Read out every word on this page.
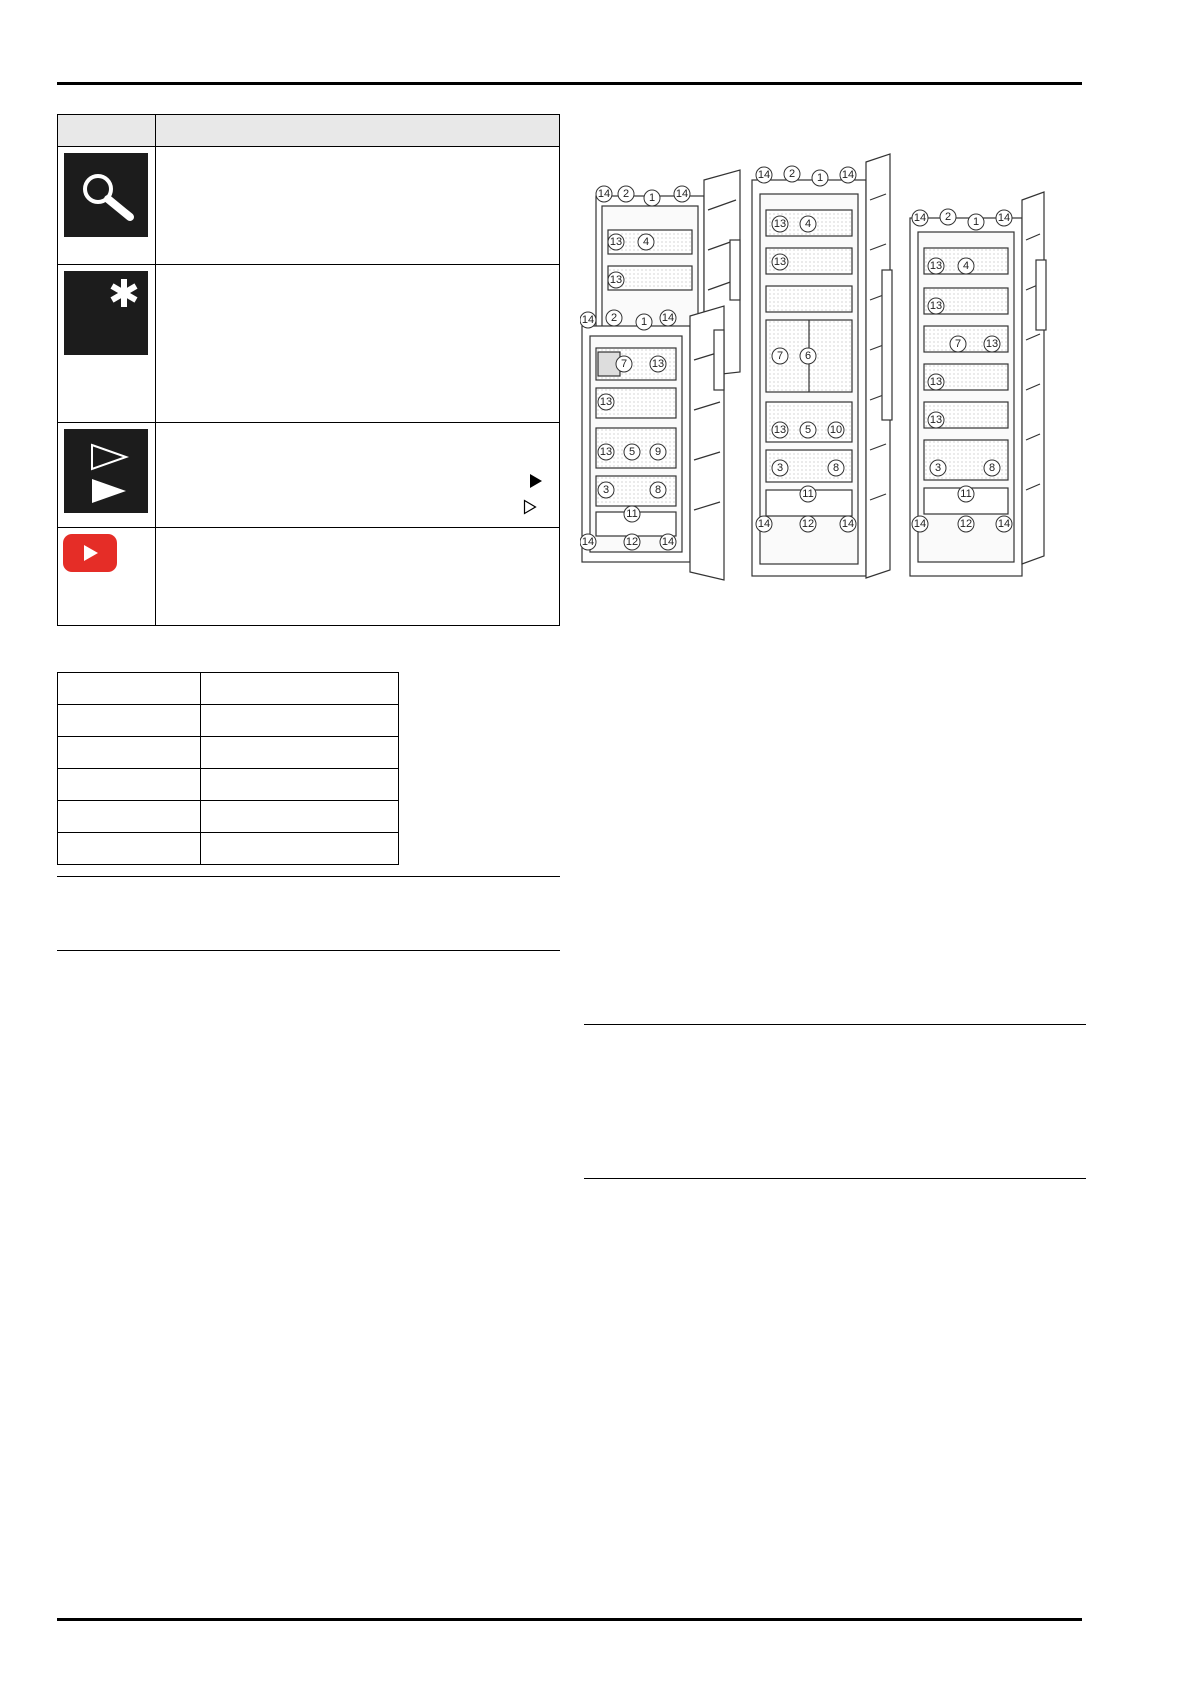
14 2 1 14
13 4
13
14 2 1 14
7 13
13
13 5 9
3	8
11
14	12 14
14 2 1 14
13 4
13
7 6
13 5 10
3	8
11
14	12	14
14 2 1 14
13 4
13
7 13
13
13
3	8
11
14	12 14
